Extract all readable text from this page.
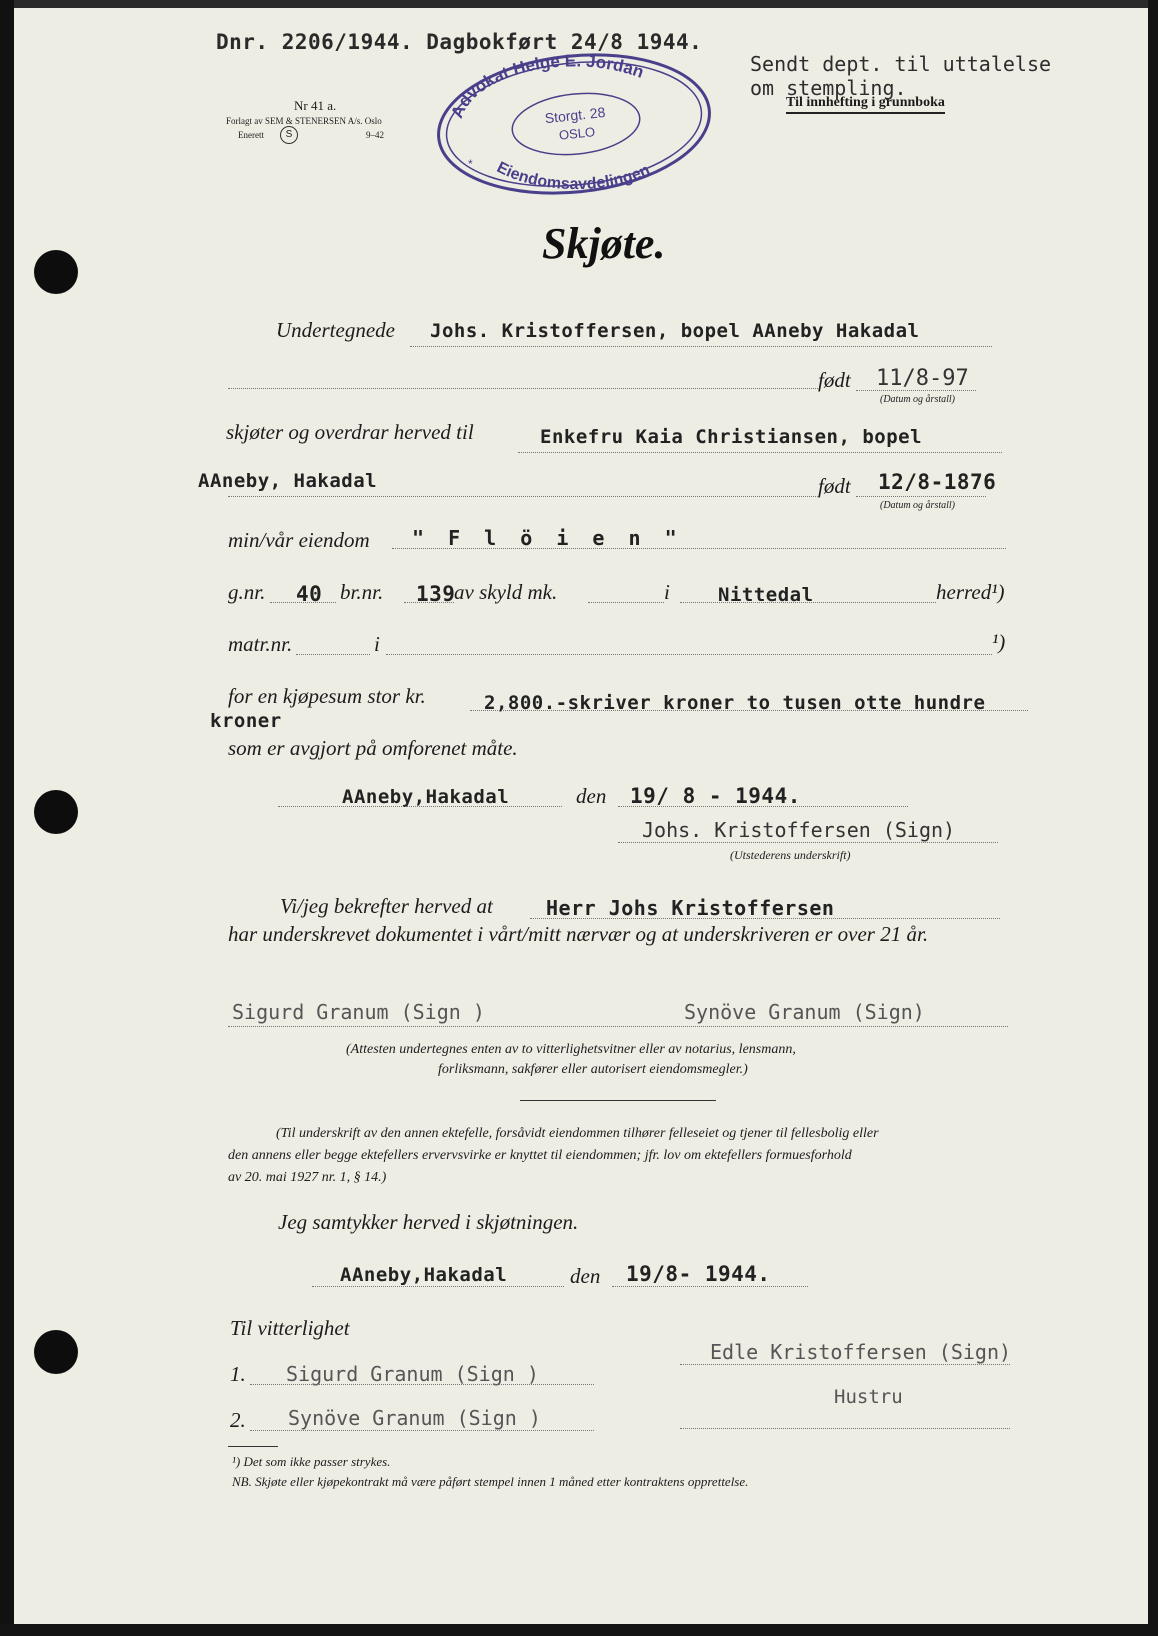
Dnr. 2206/1944. Dagbokført 24/8 1944.
Nr 41 a.
Forlagt av SEM & STENERSEN A/s. Oslo
Enerett	S	9–42
Sendt dept. til uttalelse
om stempling.
Til innhefting i grunnboka
Advokat Helge E. Jordan
Storgt. 28
OSLO
Eiendomsavdelingen
*
Skjøte.
Undertegnede Johs. Kristoffersen, bopel AAneby Hakadal
født 11/8-97
(Datum og årstall)
skjøter og overdrar herved til	Enkefru Kaia Christiansen, bopel
AAneby, Hakadal	født 12/8-1876
(Datum og årstall)
min/vår eiendom " F l ö i e n "
g.nr. 40 br.nr. 139
av skyld mk.	i	Nittedal	herred¹)
matr.nr.	i	¹)
for en kjøpesum stor kr.	2,800.-skriver kroner to tusen otte hundre
kroner
som er avgjort på omforenet måte.
AAneby,Hakadal	den 19/ 8 - 1944.
Johs. Kristoffersen (Sign)
(Utstederens underskrift)
Vi/jeg bekrefter herved at	Herr Johs Kristoffersen
har underskrevet dokumentet i vårt/mitt nærvær og at underskriveren er over 21 år.
Sigurd Granum (Sign )	Synöve Granum (Sign)
(Attesten undertegnes enten av to vitterlighetsvitner eller av notarius, lensmann,
forliksmann, sakfører eller autorisert eiendomsmegler.)
(Til underskrift av den annen ektefelle, forsåvidt eiendommen tilhører felleseiet og tjener til fellesbolig eller
den annens eller begge ektefellers ervervsvirke er knyttet til eiendommen; jfr. lov om ektefellers formuesforhold
av 20. mai 1927 nr. 1, § 14.)
Jeg samtykker herved i skjøtningen.
AAneby,Hakadal	den 19/8- 1944.
Til vitterlighet
1. Sigurd Granum (Sign )
2. Synöve Granum (Sign )
Edle Kristoffersen (Sign)
Hustru
¹) Det som ikke passer strykes.
NB. Skjøte eller kjøpekontrakt må være påført stempel innen 1 måned etter kontraktens opprettelse.
